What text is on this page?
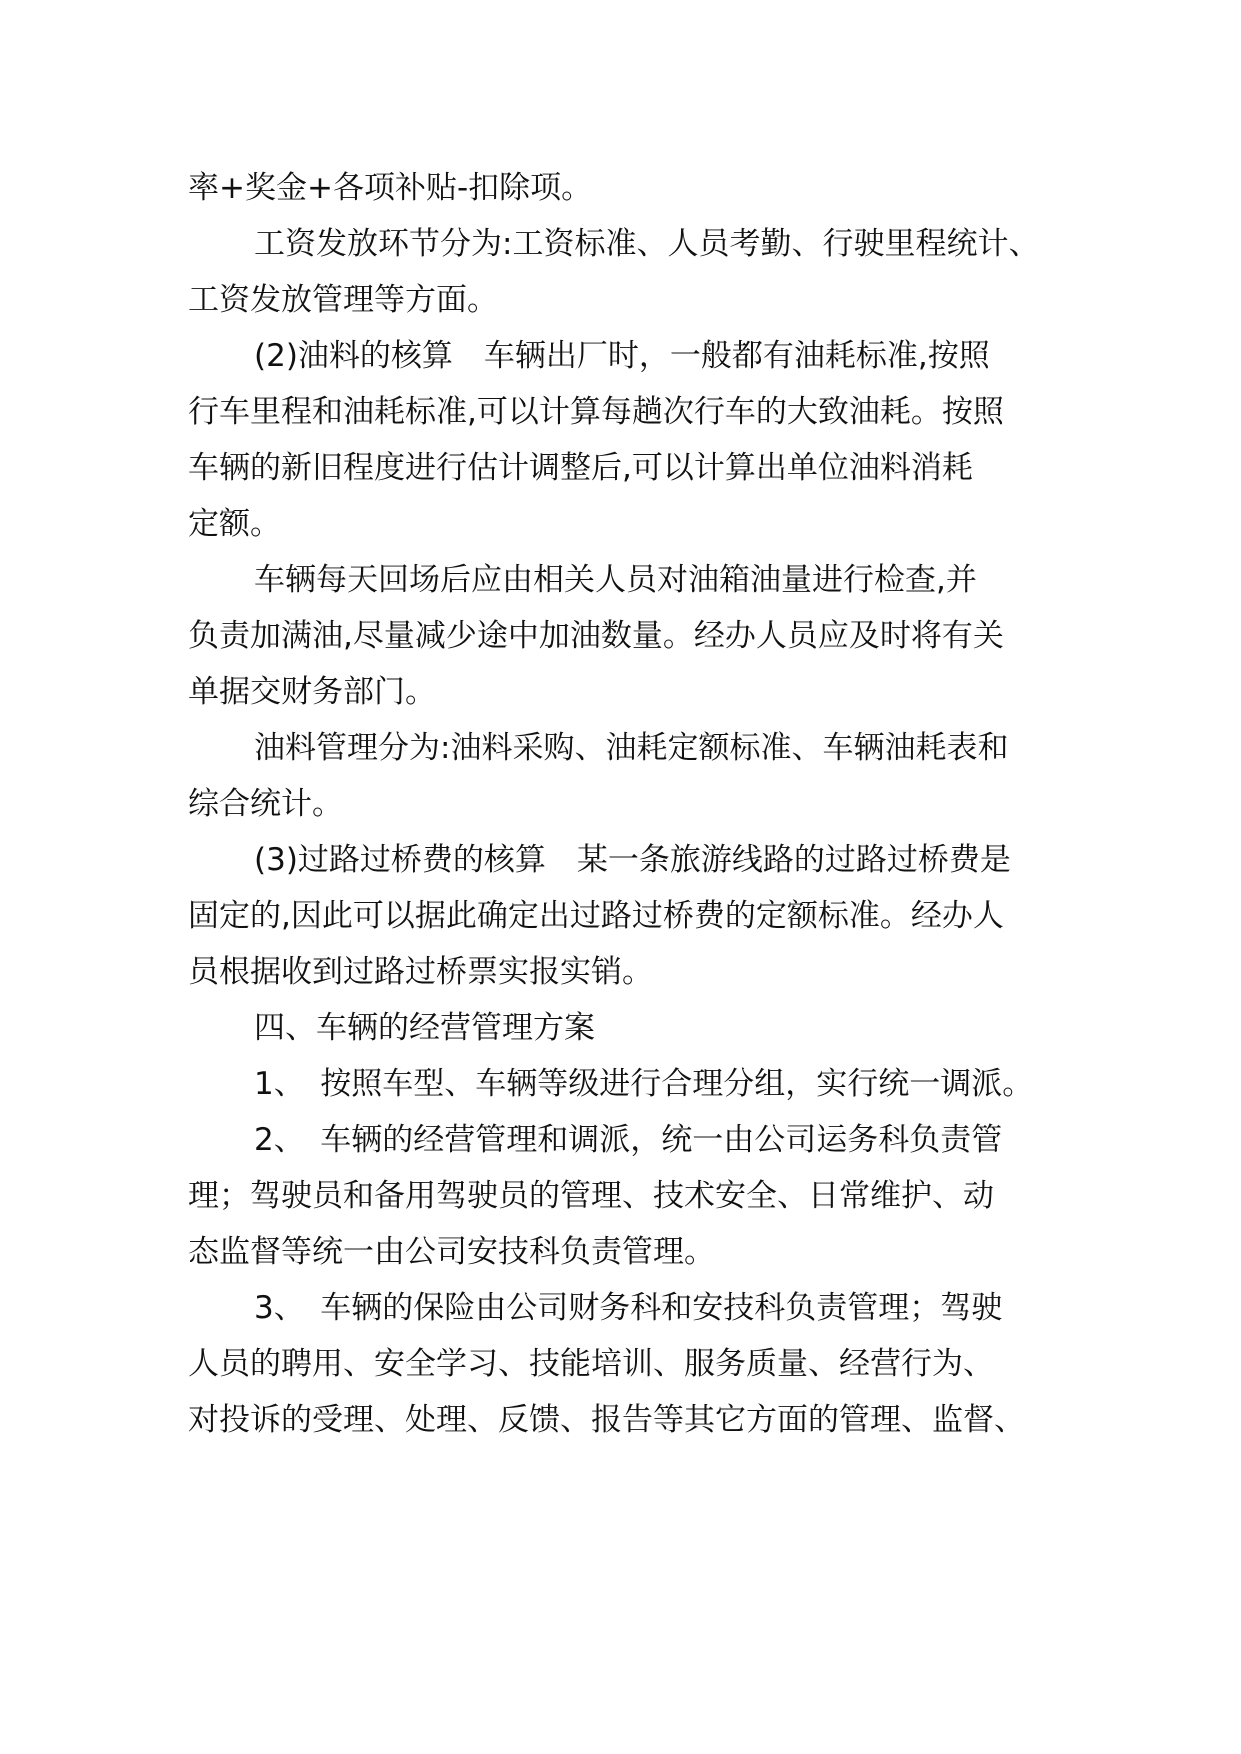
率+奖金+各项补贴-扣除项。
工资发放环节分为:工资标准、人员考勤、行驶里程统计、
工资发放管理等方面。
(2)油料的核算　车辆出厂时，一般都有油耗标准,按照
行车里程和油耗标准,可以计算每趟次行车的大致油耗。按照
车辆的新旧程度进行估计调整后,可以计算出单位油料消耗
定额。
车辆每天回场后应由相关人员对油箱油量进行检查,并
负责加满油,尽量减少途中加油数量。经办人员应及时将有关
单据交财务部门。
油料管理分为:油料采购、油耗定额标准、车辆油耗表和
综合统计。
(3)过路过桥费的核算　某一条旅游线路的过路过桥费是
固定的,因此可以据此确定出过路过桥费的定额标准。经办人
员根据收到过路过桥票实报实销。
四、车辆的经营管理方案
1、　按照车型、车辆等级进行合理分组，实行统一调派。
2、　车辆的经营管理和调派，统一由公司运务科负责管
理；驾驶员和备用驾驶员的管理、技术安全、日常维护、动
态监督等统一由公司安技科负责管理。
3、　车辆的保险由公司财务科和安技科负责管理；驾驶
人员的聘用、安全学习、技能培训、服务质量、经营行为、
对投诉的受理、处理、反馈、报告等其它方面的管理、监督、
